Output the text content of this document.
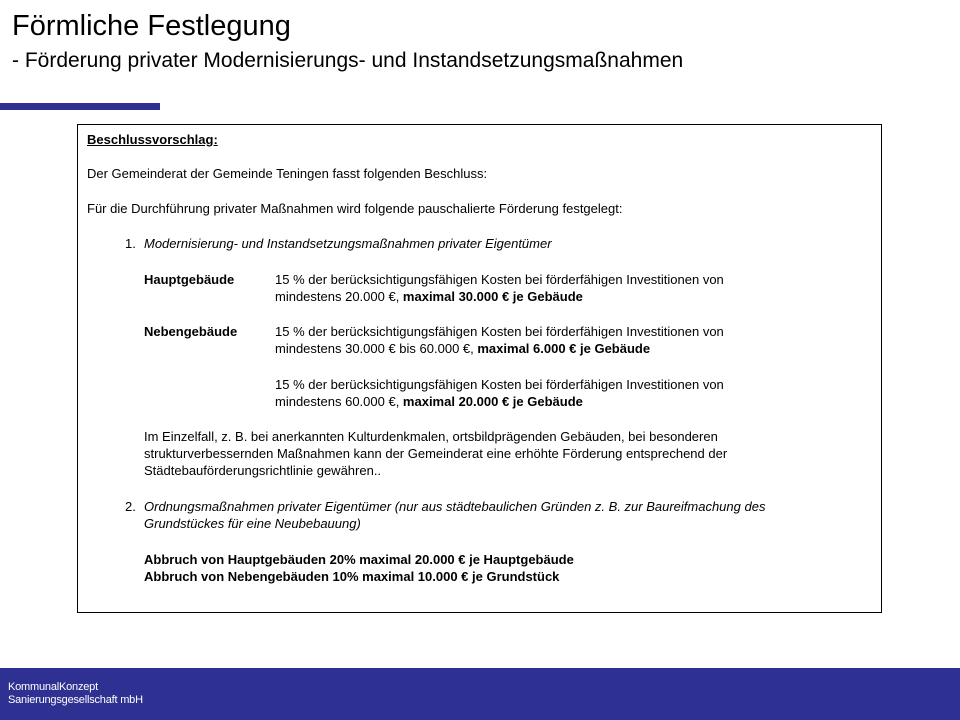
Förmliche Festlegung
- Förderung privater Modernisierungs- und Instandsetzungsmaßnahmen
Beschlussvorschlag:
Der Gemeinderat der Gemeinde Teningen fasst folgenden Beschluss:
Für die Durchführung privater Maßnahmen wird folgende pauschalierte Förderung festgelegt:
1. Modernisierung- und Instandsetzungsmaßnahmen privater Eigentümer
Hauptgebäude	15 % der berücksichtigungsfähigen Kosten bei förderfähigen Investitionen von
mindestens 20.000 €, maximal 30.000 € je Gebäude
Nebengebäude	15 % der berücksichtigungsfähigen Kosten bei förderfähigen Investitionen von
mindestens 30.000 € bis 60.000 €, maximal 6.000 € je Gebäude
15 % der berücksichtigungsfähigen Kosten bei förderfähigen Investitionen von
mindestens 60.000 €, maximal 20.000 € je Gebäude
Im Einzelfall, z. B. bei anerkannten Kulturdenkmalen, ortsbildprägenden Gebäuden, bei besonderen
strukturverbessernden Maßnahmen kann der Gemeinderat eine erhöhte Förderung entsprechend der
Städtebauförderungsrichtlinie gewähren..
2. Ordnungsmaßnahmen privater Eigentümer (nur aus städtebaulichen Gründen z. B. zur Baureifmachung des
Grundstückes für eine Neubebauung)
Abbruch von Hauptgebäuden 20% maximal 20.000 € je Hauptgebäude
Abbruch von Nebengebäuden 10% maximal 10.000 € je Grundstück
KommunalKonzept
Sanierungsgesellschaft mbH
